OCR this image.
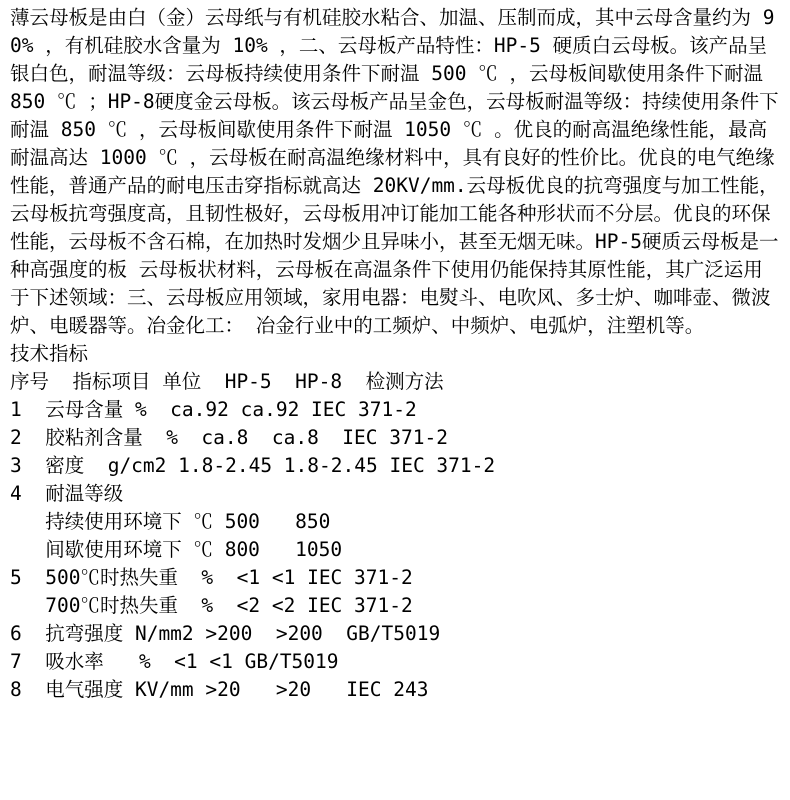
薄云母板是由白（金）云母纸与有机硅胶水粘合、加温、压制而成，其中云母含量约为 90% ，有机硅胶水含量为 10% ，二、云母板产品特性：HP-5 硬质白云母板。该产品呈银白色，耐温等级：云母板持续使用条件下耐温 500 ℃ ，云母板间歇使用条件下耐温 850 ℃ ；HP-8硬度金云母板。该云母板产品呈金色，云母板耐温等级：持续使用条件下耐温 850 ℃ ，云母板间歇使用条件下耐温 1050 ℃ 。优良的耐高温绝缘性能，最高耐温高达 1000 ℃ ，云母板在耐高温绝缘材料中，具有良好的性价比。优良的电气绝缘性能，普通产品的耐电压击穿指标就高达 20KV/mm.云母板优良的抗弯强度与加工性能，云母板抗弯强度高，且韧性极好，云母板用冲订能加工能各种形状而不分层。优良的环保性能，云母板不含石棉，在加热时发烟少且异味小，甚至无烟无味。HP-5硬质云母板是一种高强度的板 云母板状材料，云母板在高温条件下使用仍能保持其原性能，其广泛运用于下述领域：三、云母板应用领域，家用电器：电熨斗、电吹风、多士炉、咖啡壶、微波炉、电暖器等。冶金化工： 冶金行业中的工频炉、中频炉、电弧炉，注塑机等。

技术指标
序号  指标项目 单位  HP-5  HP-8  检测方法
1  云母含量 %  ca.92 ca.92 IEC 371-2
2  胶粘剂含量  %  ca.8  ca.8  IEC 371-2
3  密度  g/cm2 1.8-2.45 1.8-2.45 IEC 371-2
4  耐温等级
持续使用环境下 ℃ 500   850
间歇使用环境下 ℃ 800   1050
5  500℃时热失重  %  <1 <1 IEC 371-2
700℃时热失重  %  <2 <2 IEC 371-2
6  抗弯强度 N/mm2 >200  >200  GB/T5019
7  吸水率   %  <1 <1 GB/T5019
8  电气强度 KV/mm >20   >20   IEC 243
